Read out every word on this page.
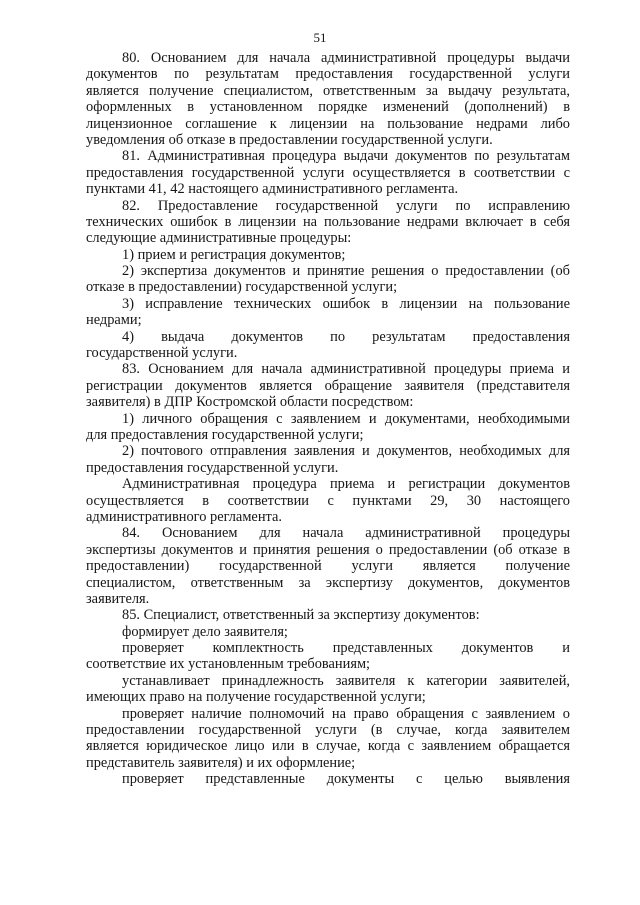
51
80. Основанием для начала административной процедуры выдачи
документов по результатам предоставления государственной услуги
является получение специалистом, ответственным за выдачу результата,
оформленных в установленном порядке изменений (дополнений) в
лицензионное соглашение к лицензии на пользование недрами либо
уведомления об отказе в предоставлении государственной услуги.
81. Административная процедура выдачи документов по результатам
предоставления государственной услуги осуществляется в соответствии с
пунктами 41, 42 настоящего административного регламента.
82. Предоставление государственной услуги по исправлению
технических ошибок в лицензии на пользование недрами включает в себя
следующие административные процедуры:
1) прием и регистрация документов;
2) экспертиза документов и принятие решения о предоставлении (об
отказе в предоставлении) государственной услуги;
3) исправление технических ошибок в лицензии на пользование
недрами;
4) выдача документов по результатам предоставления
государственной услуги.
83. Основанием для начала административной процедуры приема и
регистрации документов является обращение заявителя (представителя
заявителя) в ДПР Костромской области посредством:
1) личного обращения с заявлением и документами, необходимыми
для предоставления государственной услуги;
2) почтового отправления заявления и документов, необходимых для
предоставления государственной услуги.
Административная процедура приема и регистрации документов
осуществляется в соответствии с пунктами 29, 30 настоящего
административного регламента.
84. Основанием для начала административной процедуры
экспертизы документов и принятия решения о предоставлении (об отказе в
предоставлении) государственной услуги является получение
специалистом, ответственным за экспертизу документов, документов
заявителя.
85. Специалист, ответственный за экспертизу документов:
формирует дело заявителя;
проверяет комплектность представленных документов и
соответствие их установленным требованиям;
устанавливает принадлежность заявителя к категории заявителей,
имеющих право на получение государственной услуги;
проверяет наличие полномочий на право обращения с заявлением о
предоставлении государственной услуги (в случае, когда заявителем
является юридическое лицо или в случае, когда с заявлением обращается
представитель заявителя) и их оформление;
проверяет представленные документы с целью выявления
